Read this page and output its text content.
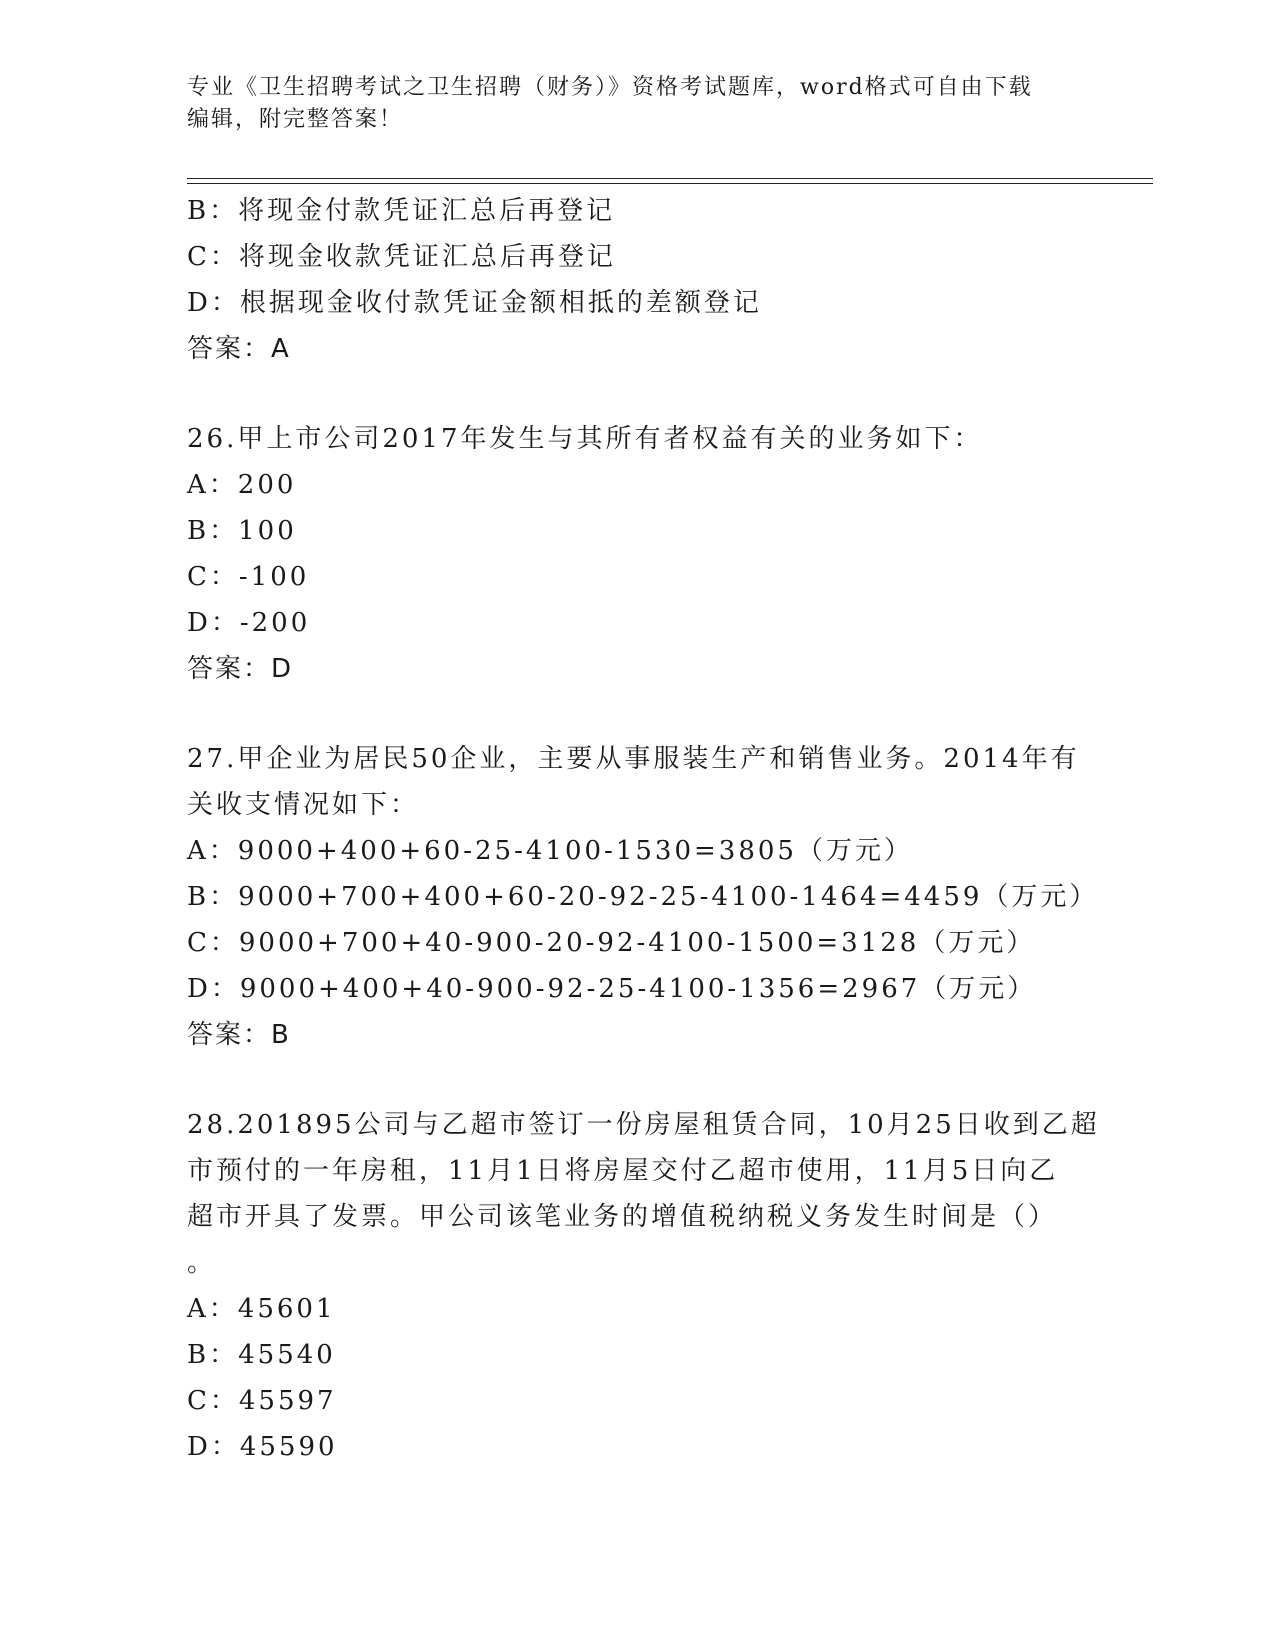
专业《卫生招聘考试之卫生招聘（财务）》资格考试题库，word格式可自由下载
编辑，附完整答案！
B：将现金付款凭证汇总后再登记
C：将现金收款凭证汇总后再登记
D：根据现金收付款凭证金额相抵的差额登记
答案：A
26.甲上市公司2017年发生与其所有者权益有关的业务如下：
A：200
B：100
C：-100
D：-200
答案：D
27.甲企业为居民50企业，主要从事服装生产和销售业务。2014年有
关收支情况如下：
A：9000+400+60-25-4100-1530=3805（万元）
B：9000+700+400+60-20-92-25-4100-1464=4459（万元）
C：9000+700+40-900-20-92-4100-1500=3128（万元）
D：9000+400+40-900-92-25-4100-1356=2967（万元）
答案：B
28.201895公司与乙超市签订一份房屋租赁合同，10月25日收到乙超
市预付的一年房租，11月1日将房屋交付乙超市使用，11月5日向乙
超市开具了发票。甲公司该笔业务的增值税纳税义务发生时间是（）
。
A：45601
B：45540
C：45597
D：45590
